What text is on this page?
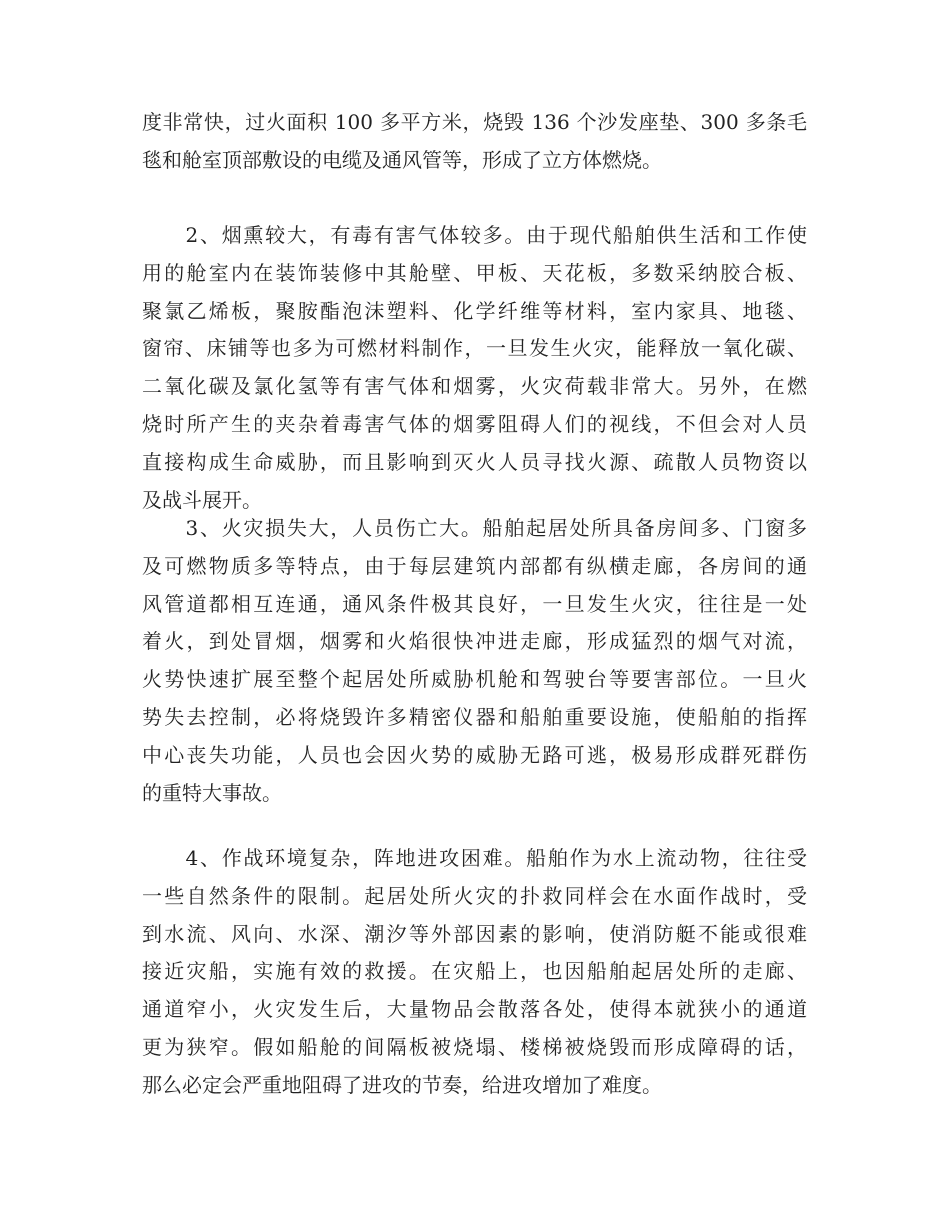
度非常快，过火面积 100 多平方米，烧毁 136 个沙发座垫、300 多条毛
毯和舱室顶部敷设的电缆及通风管等，形成了立方体燃烧。
　　2、烟熏较大，有毒有害气体较多。由于现代船舶供生活和工作使
用的舱室内在装饰装修中其舱壁、甲板、天花板，多数采纳胶合板、
聚氯乙烯板，聚胺酯泡沫塑料、化学纤维等材料，室内家具、地毯、
窗帘、床铺等也多为可燃材料制作，一旦发生火灾，能释放一氧化碳、
二氧化碳及氯化氢等有害气体和烟雾，火灾荷载非常大。另外，在燃
烧时所产生的夹杂着毒害气体的烟雾阻碍人们的视线，不但会对人员
直接构成生命威胁，而且影响到灭火人员寻找火源、疏散人员物资以
及战斗展开。
　　3、火灾损失大，人员伤亡大。船舶起居处所具备房间多、门窗多
及可燃物质多等特点，由于每层建筑内部都有纵横走廊，各房间的通
风管道都相互连通，通风条件极其良好，一旦发生火灾，往往是一处
着火，到处冒烟，烟雾和火焰很快冲进走廊，形成猛烈的烟气对流，
火势快速扩展至整个起居处所威胁机舱和驾驶台等要害部位。一旦火
势失去控制，必将烧毁许多精密仪器和船舶重要设施，使船舶的指挥
中心丧失功能，人员也会因火势的威胁无路可逃，极易形成群死群伤
的重特大事故。
　　4、作战环境复杂，阵地进攻困难。船舶作为水上流动物，往往受
一些自然条件的限制。起居处所火灾的扑救同样会在水面作战时，受
到水流、风向、水深、潮汐等外部因素的影响，使消防艇不能或很难
接近灾船，实施有效的救援。在灾船上，也因船舶起居处所的走廊、
通道窄小，火灾发生后，大量物品会散落各处，使得本就狭小的通道
更为狭窄。假如船舱的间隔板被烧塌、楼梯被烧毁而形成障碍的话，
那么必定会严重地阻碍了进攻的节奏，给进攻增加了难度。
